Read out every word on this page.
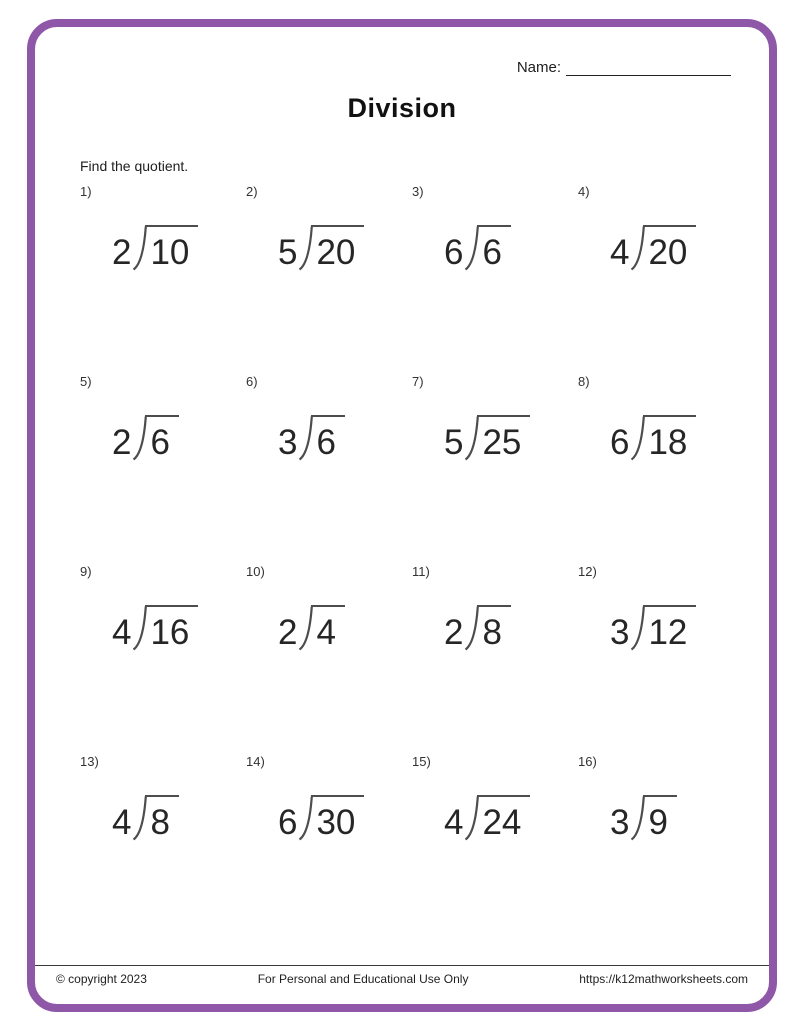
Name:
Division
Find the quotient.
1)
2 10
2)
5 20
3)
6 6
4)
4 20
5)
2 6
6)
3 6
7)
5 25
8)
6 18
9)
4 16
10)
2 4
11)
2 8
12)
3 12
13)
4 8
14)
6 30
15)
4 24
16)
3 9
© copyright 2023	For Personal and Educational Use Only	https://k12mathworksheets.com
